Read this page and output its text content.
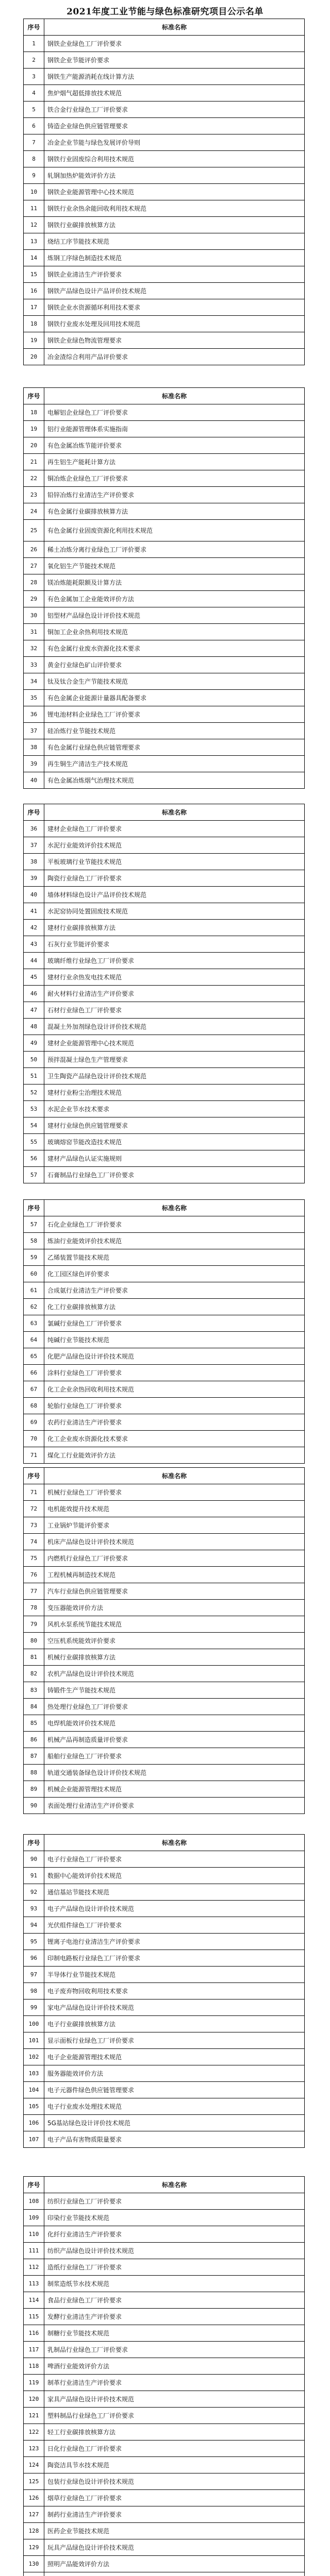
2021年度工业节能与绿色标准研究项目公示名单
序号	标准名称
1	钢铁企业绿色工厂评价要求
2	钢铁企业节能评价要求
3	钢铁生产能源消耗在线计算方法
4	焦炉烟气超低排放技术规范
5	铁合金行业绿色工厂评价要求
6	铸造企业绿色供应链管理要求
7	冶金企业节能与绿色发展评价导则
8	钢铁行业固废综合利用技术规范
9	轧钢加热炉能效评价方法
10	钢铁企业能源管理中心技术规范
11	钢铁行业余热余能回收利用技术规范
12	钢铁行业碳排放核算方法
13	烧结工序节能技术规范
14	炼钢工序绿色制造技术规范
15	钢铁企业清洁生产评价要求
16	钢铁产品绿色设计产品评价技术规范
17	钢铁企业水资源循环利用技术要求
18	钢铁行业废水处理及回用技术规范
19	钢铁企业绿色物流管理要求
20	冶金渣综合利用产品评价要求
序号	标准名称
18	电解铝企业绿色工厂评价要求
19	铝行业能源管理体系实施指南
20	有色金属冶炼节能评价要求
21	再生铝生产能耗计算方法
22	铜冶炼企业绿色工厂评价要求
23	铅锌冶炼行业清洁生产评价要求
24	有色金属行业碳排放核算方法
25	有色金属行业固废资源化利用技术规范
26	稀土冶炼分离行业绿色工厂评价要求
27	氧化铝生产节能技术规范
28	镁冶炼能耗限额及计算方法
29	有色金属加工企业能效评价方法
30	铝型材产品绿色设计评价技术规范
31	铜加工企业余热利用技术规范
32	有色金属行业废水资源化技术要求
33	黄金行业绿色矿山评价要求
34	钛及钛合金生产节能技术规范
35	有色金属企业能源计量器具配备要求
36	锂电池材料企业绿色工厂评价要求
37	硅冶炼行业节能技术规范
38	有色金属行业绿色供应链管理要求
39	再生铜生产清洁生产技术规范
40	有色金属冶炼烟气治理技术规范
序号	标准名称
36	建材企业绿色工厂评价要求
37	水泥行业能效评价技术规范
38	平板玻璃行业节能技术规范
39	陶瓷行业绿色工厂评价要求
40	墙体材料绿色设计产品评价技术规范
41	水泥窑协同处置固废技术规范
42	建材行业碳排放核算方法
43	石灰行业节能评价要求
44	玻璃纤维行业绿色工厂评价要求
45	建材行业余热发电技术规范
46	耐火材料行业清洁生产评价要求
47	石材行业绿色工厂评价要求
48	混凝土外加剂绿色设计评价技术规范
49	建材企业能源管理中心技术规范
50	预拌混凝土绿色生产管理要求
51	卫生陶瓷产品绿色设计评价技术规范
52	建材行业粉尘治理技术规范
53	水泥企业节水技术要求
54	建材行业绿色供应链管理要求
55	玻璃熔窑节能改造技术规范
56	建材产品绿色认证实施规则
57	石膏制品行业绿色工厂评价要求
序号	标准名称
57	石化企业绿色工厂评价要求
58	炼油行业能效评价技术规范
59	乙烯装置节能技术规范
60	化工园区绿色评价要求
61	合成氨行业清洁生产评价要求
62	化工行业碳排放核算方法
63	氯碱行业绿色工厂评价要求
64	纯碱行业节能技术规范
65	化肥产品绿色设计评价技术规范
66	涂料行业绿色工厂评价要求
67	化工企业余热回收利用技术规范
68	轮胎行业绿色工厂评价要求
69	农药行业清洁生产评价要求
70	化工企业废水资源化技术要求
71	煤化工行业能效评价方法
序号	标准名称
71	机械行业绿色工厂评价要求
72	电机能效提升技术规范
73	工业锅炉节能评价要求
74	机床产品绿色设计评价技术规范
75	内燃机行业绿色工厂评价要求
76	工程机械再制造技术规范
77	汽车行业绿色供应链管理要求
78	变压器能效评价方法
79	风机水泵系统节能技术规范
80	空压机系统能效评价要求
81	机械行业碳排放核算方法
82	农机产品绿色设计评价技术规范
83	铸锻件生产节能技术规范
84	热处理行业绿色工厂评价要求
85	电焊机能效评价技术规范
86	机械产品再制造质量评价要求
87	船舶行业绿色工厂评价要求
88	轨道交通装备绿色设计评价技术规范
89	机械企业能源管理技术规范
90	表面处理行业清洁生产评价要求
序号	标准名称
90	电子行业绿色工厂评价要求
91	数据中心能效评价技术规范
92	通信基站节能技术规范
93	电子产品绿色设计评价技术规范
94	光伏组件绿色工厂评价要求
95	锂离子电池行业清洁生产评价要求
96	印制电路板行业绿色工厂评价要求
97	半导体行业节能技术规范
98	电子废弃物回收利用技术要求
99	家电产品绿色设计评价技术规范
100	电子行业碳排放核算方法
101	显示面板行业绿色工厂评价要求
102	电子企业能源管理技术规范
103	服务器能效评价方法
104	电子元器件绿色供应链管理要求
105	电子行业废水处理技术规范
106	5G基站绿色设计评价技术规范
107	电子产品有害物质限量要求
序号	标准名称
108	纺织行业绿色工厂评价要求
109	印染行业节能技术规范
110	化纤行业清洁生产评价要求
111	纺织产品绿色设计评价技术规范
112	造纸行业绿色工厂评价要求
113	制浆造纸节水技术规范
114	食品行业绿色工厂评价要求
115	发酵行业清洁生产评价要求
116	制糖行业节能技术规范
117	乳制品行业绿色工厂评价要求
118	啤酒行业能效评价方法
119	制革行业清洁生产评价要求
120	家具产品绿色设计评价技术规范
121	塑料制品行业绿色工厂评价要求
122	轻工行业碳排放核算方法
123	日化行业绿色工厂评价要求
124	陶瓷洁具节水技术规范
125	包装行业绿色设计评价技术规范
126	烟草行业绿色工厂评价要求
127	制药行业清洁生产评价要求
128	医药企业节能技术规范
129	玩具产品绿色设计评价技术规范
130	照明产品能效评价方法
